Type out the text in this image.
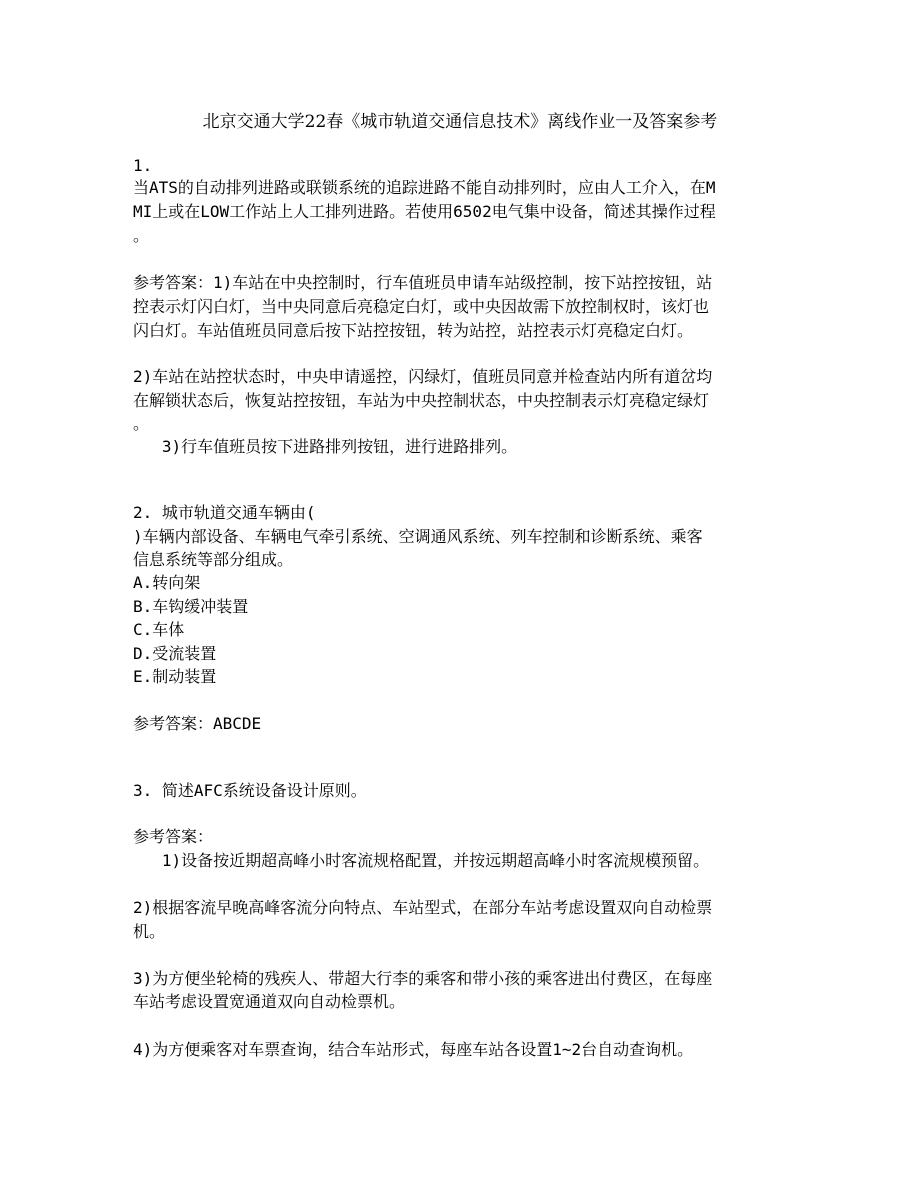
北京交通大学22春《城市轨道交通信息技术》离线作业一及答案参考
1.
当ATS的自动排列进路或联锁系统的追踪进路不能自动排列时，应由人工介入，在M
MI上或在LOW工作站上人工排列进路。若使用6502电气集中设备，简述其操作过程
。
参考答案：1)车站在中央控制时，行车值班员申请车站级控制，按下站控按钮，站
控表示灯闪白灯，当中央同意后亮稳定白灯，或中央因故需下放控制权时，该灯也
闪白灯。车站值班员同意后按下站控按钮，转为站控，站控表示灯亮稳定白灯。
2)车站在站控状态时，中央申请遥控，闪绿灯，值班员同意并检查站内所有道岔均
在解锁状态后，恢复站控按钮，车站为中央控制状态，中央控制表示灯亮稳定绿灯
。
3)行车值班员按下进路排列按钮，进行进路排列。
2. 城市轨道交通车辆由(
)车辆内部设备、车辆电气牵引系统、空调通风系统、列车控制和诊断系统、乘客
信息系统等部分组成。
A.转向架
B.车钩缓冲装置
C.车体
D.受流装置
E.制动装置
参考答案：ABCDE
3. 简述AFC系统设备设计原则。
参考答案：
1)设备按近期超高峰小时客流规格配置，并按远期超高峰小时客流规模预留。
2)根据客流早晚高峰客流分向特点、车站型式，在部分车站考虑设置双向自动检票
机。
3)为方便坐轮椅的残疾人、带超大行李的乘客和带小孩的乘客进出付费区，在每座
车站考虑设置宽通道双向自动检票机。
4)为方便乘客对车票查询，结合车站形式，每座车站各设置1~2台自动查询机。
